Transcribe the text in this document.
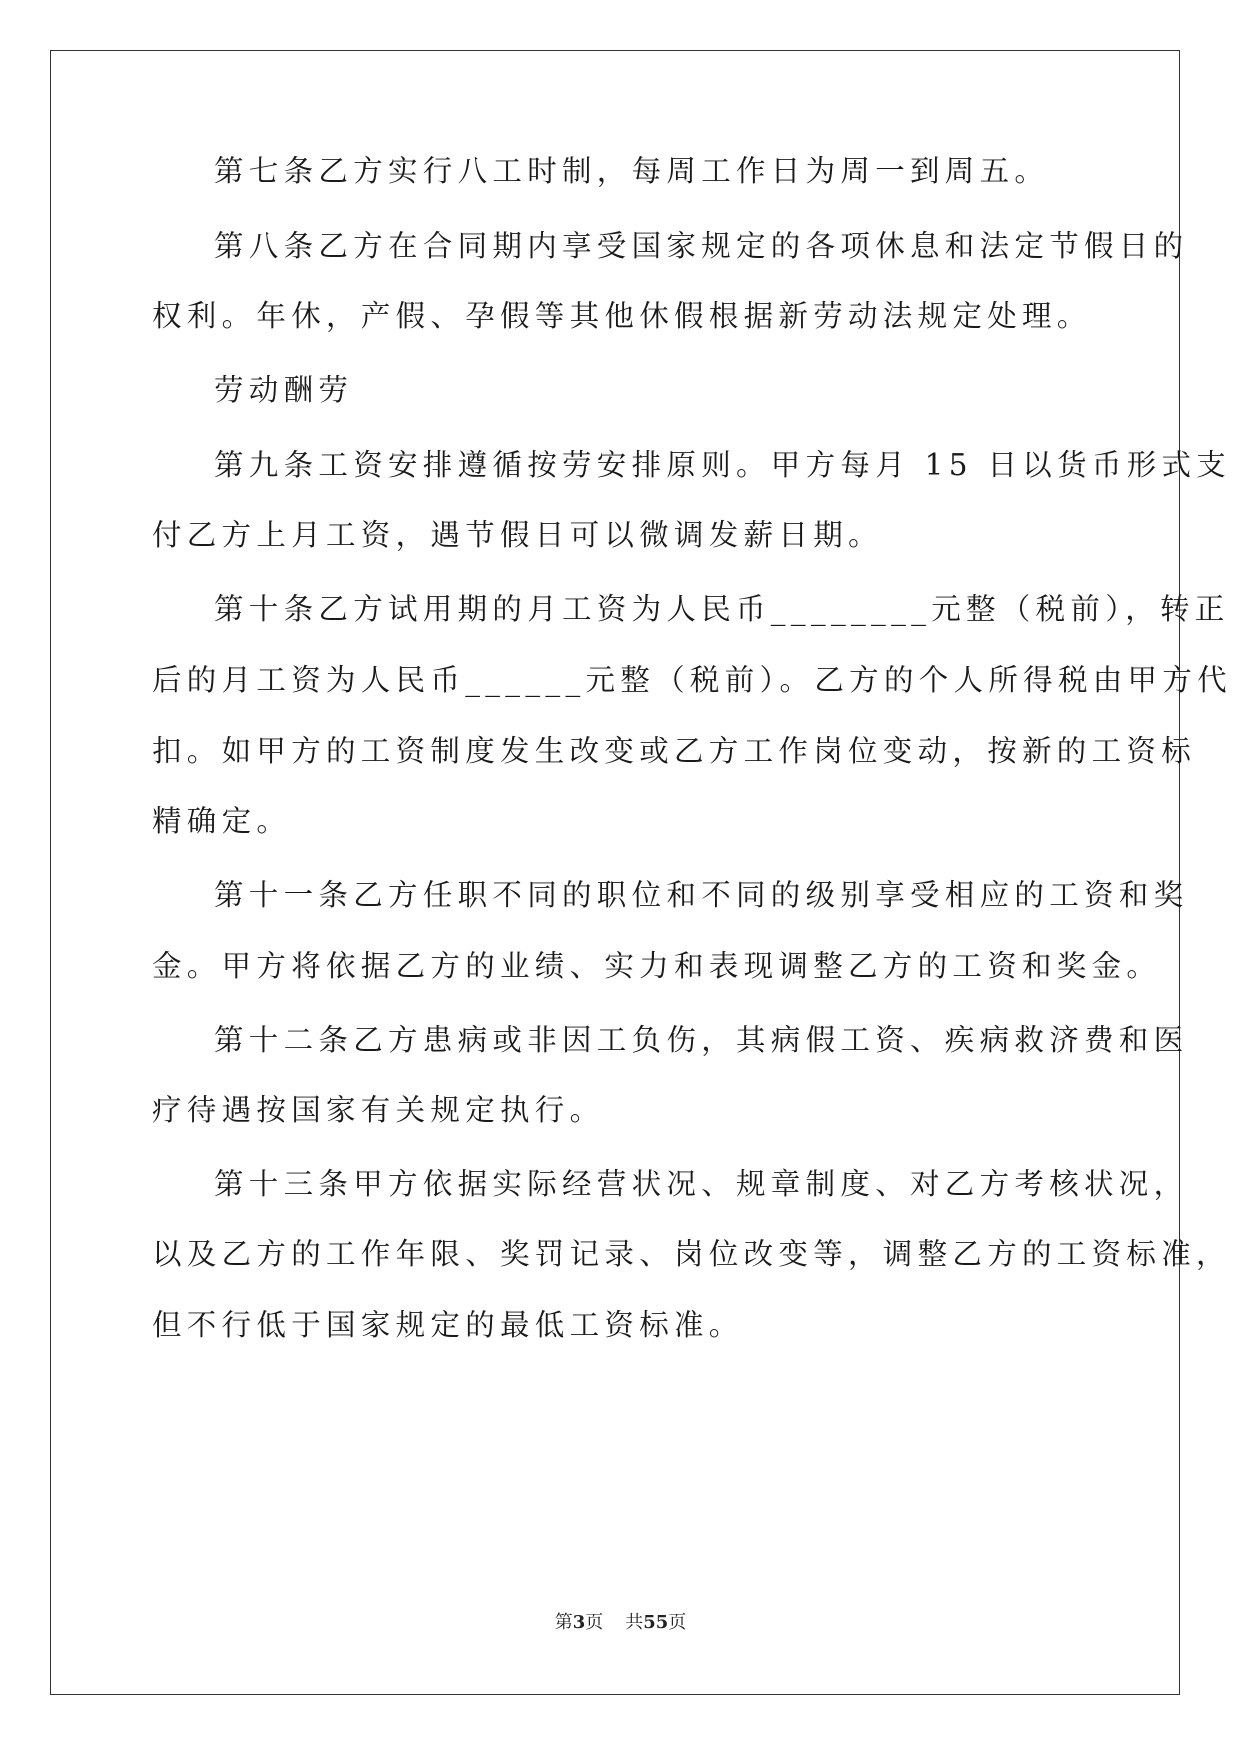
第七条乙方实行八工时制，每周工作日为周一到周五。
第八条乙方在合同期内享受国家规定的各项休息和法定节假日的
权利。年休，产假、孕假等其他休假根据新劳动法规定处理。
劳动酬劳
第九条工资安排遵循按劳安排原则。甲方每月 15 日以货币形式支
付乙方上月工资，遇节假日可以微调发薪日期。
第十条乙方试用期的月工资为人民币________元整（税前），转正
后的月工资为人民币______元整（税前）。乙方的个人所得税由甲方代
扣。如甲方的工资制度发生改变或乙方工作岗位变动，按新的工资标
精确定。
第十一条乙方任职不同的职位和不同的级别享受相应的工资和奖
金。甲方将依据乙方的业绩、实力和表现调整乙方的工资和奖金。
第十二条乙方患病或非因工负伤，其病假工资、疾病救济费和医
疗待遇按国家有关规定执行。
第十三条甲方依据实际经营状况、规章制度、对乙方考核状况，
以及乙方的工作年限、奖罚记录、岗位改变等，调整乙方的工资标准，
但不行低于国家规定的最低工资标准。
第3页 共55页
